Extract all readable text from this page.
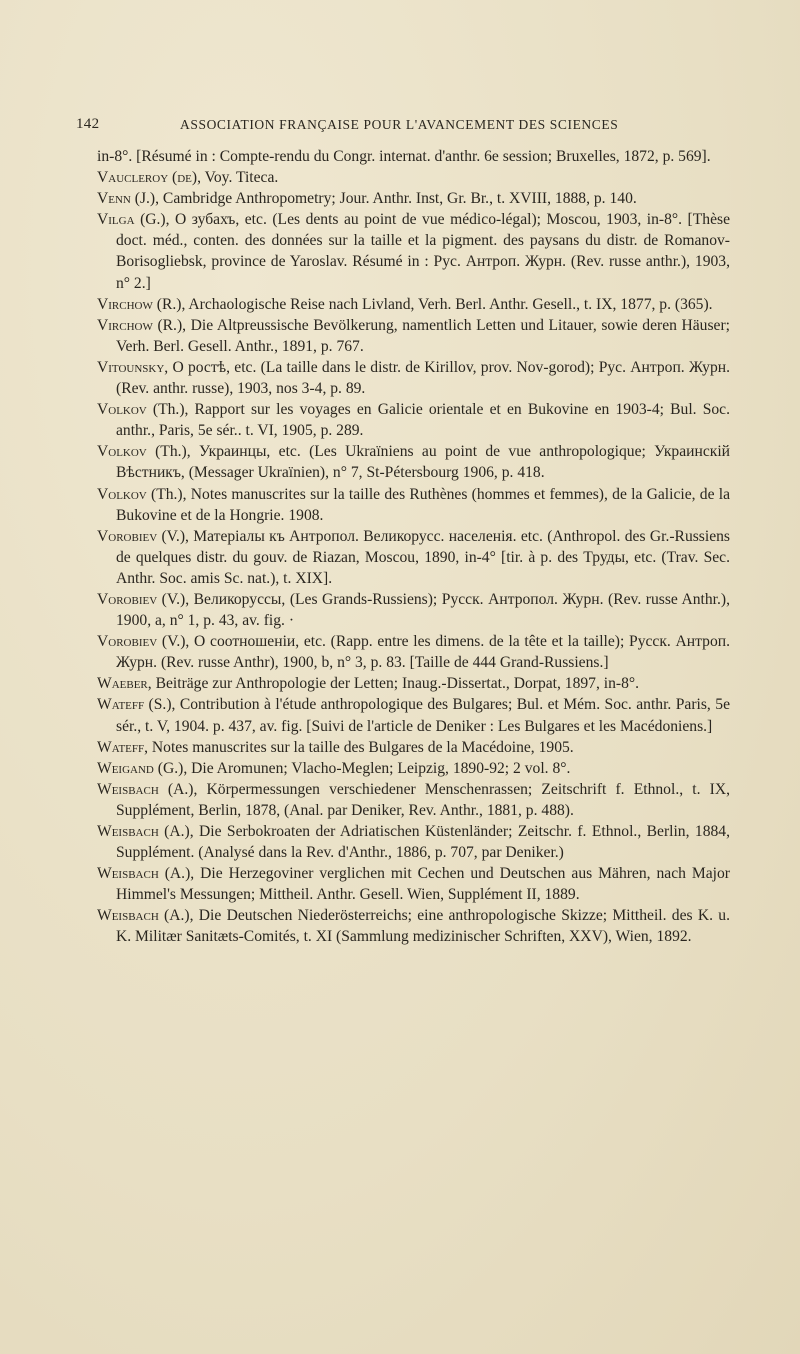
142	ASSOCIATION FRANÇAISE POUR L'AVANCEMENT DES SCIENCES

in-8°. [Résumé in : Compte-rendu du Congr. internat. d'anthr. 6e session; Bruxelles, 1872, p. 569].

Vaucleroy (de), Voy. Titeca.

Venn (J.), Cambridge Anthropometry; Jour. Anthr. Inst, Gr. Br., t. XVIII, 1888, p. 140.

Vilga (G.), O зубахъ, etc. (Les dents au point de vue médico-légal); Moscou, 1903, in-8°. [Thèse doct. méd., conten. des données sur la taille et la pigment. des paysans du distr. de Romanov-Borisogliebsk, province de Yaroslav. Résumé in : Рус. Антроп. Журн. (Rev. russe anthr.), 1903, n° 2.]

Virchow (R.), Archaologische Reise nach Livland, Verh. Berl. Anthr. Gesell., t. IX, 1877, p. (365).

Virchow (R.), Die Altpreussische Bevölkerung, namentlich Letten und Litauer, sowie deren Häuser; Verh. Berl. Gesell. Anthr., 1891, p. 767.

Vitounsky, O ростѣ, etc. (La taille dans le distr. de Kirillov, prov. Nov-gorod); Рус. Антроп. Журн. (Rev. anthr. russe), 1903, nos 3-4, p. 89.

Volkov (Th.), Rapport sur les voyages en Galicie orientale et en Bukovine en 1903-4; Bul. Soc. anthr., Paris, 5e sér.. t. VI, 1905, p. 289.

Volkov (Th.), Украинцы, etc. (Les Ukraïniens au point de vue anthropologique; Украинскiй Вѣстникъ, (Messager Ukraïnien), n° 7, St-Pétersbourg 1906, p. 418.

Volkov (Th.), Notes manuscrites sur la taille des Ruthènes (hommes et femmes), de la Galicie, de la Bukovine et de la Hongrie. 1908.

Vorobiev (V.), Матерiалы къ Антропол. Великорусс. населенiя. etc. (Anthropol. des Gr.-Russiens de quelques distr. du gouv. de Riazan, Moscou, 1890, in-4° [tir. à p. des Труды, etc. (Trav. Sec. Anthr. Soc. amis Sc. nat.), t. XIX].

Vorobiev (V.), Великоруссы, (Les Grands-Russiens); Русск. Антропол. Журн. (Rev. russe Anthr.), 1900, a, n° 1, p. 43, av. fig. ·

Vorobiev (V.), O соотношенiи, etc. (Rapp. entre les dimens. de la tête et la taille); Русск. Антроп. Журн. (Rev. russe Anthr), 1900, b, n° 3, p. 83. [Taille de 444 Grand-Russiens.]

Waeber, Beiträge zur Anthropologie der Letten; Inaug.-Dissertat., Dorpat, 1897, in-8°.

Wateff (S.), Contribution à l'étude anthropologique des Bulgares; Bul. et Mém. Soc. anthr. Paris, 5e sér., t. V, 1904. p. 437, av. fig. [Suivi de l'article de Deniker : Les Bulgares et les Macédoniens.]

Wateff, Notes manuscrites sur la taille des Bulgares de la Macédoine, 1905.

Weigand (G.), Die Aromunen; Vlacho-Meglen; Leipzig, 1890-92; 2 vol. 8°.

Weisbach (A.), Körpermessungen verschiedener Menschenrassen; Zeitschrift f. Ethnol., t. IX, Supplément, Berlin, 1878, (Anal. par Deniker, Rev. Anthr., 1881, p. 488).

Weisbach (A.), Die Serbokroaten der Adriatischen Küstenländer; Zeitschr. f. Ethnol., Berlin, 1884, Supplément. (Analysé dans la Rev. d'Anthr., 1886, p. 707, par Deniker.)

Weisbach (A.), Die Herzegoviner verglichen mit Cechen und Deutschen aus Mähren, nach Major Himmel's Messungen; Mittheil. Anthr. Gesell. Wien, Supplément II, 1889.

Weisbach (A.), Die Deutschen Niederösterreichs; eine anthropologische Skizze; Mittheil. des K. u. K. Militær Sanitæts-Comités, t. XI (Sammlung medizinischer Schriften, XXV), Wien, 1892.
